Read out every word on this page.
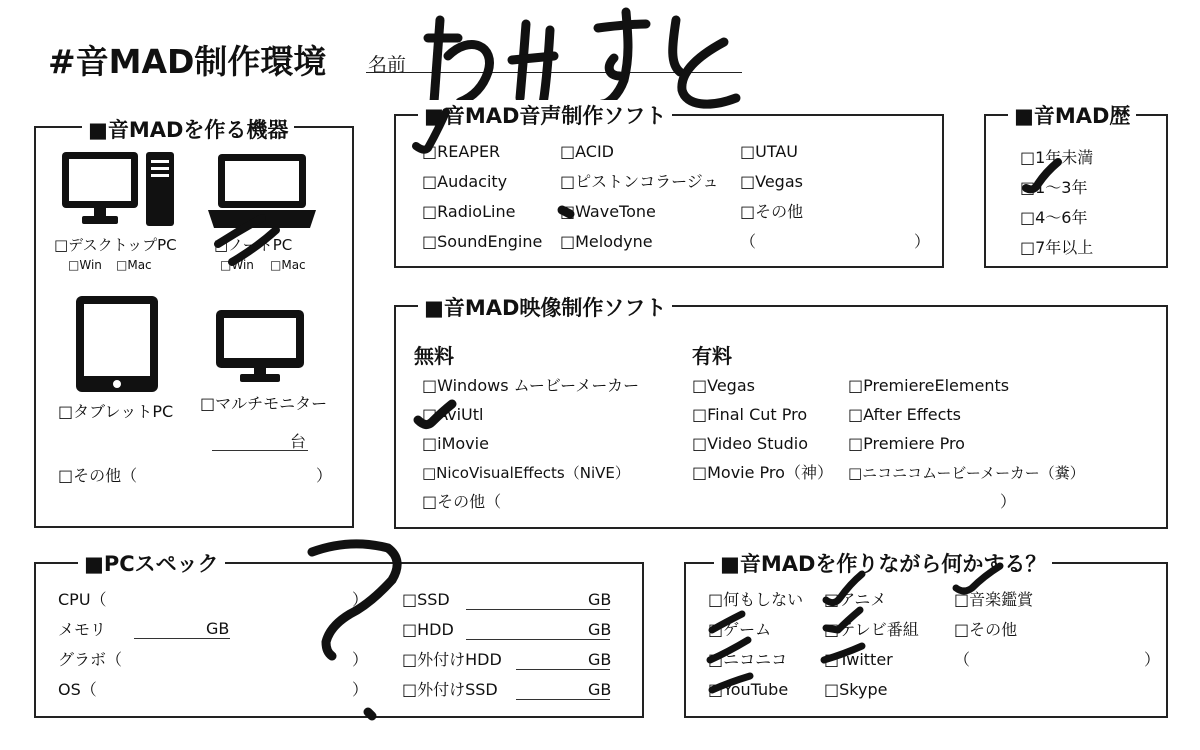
#音MAD制作環境 名前
■音MADを作る機器
□デスクトップPC
□Win □Mac
□ノートPC
□Win □Mac
□タブレットPC □マルチモニター
台
□その他（	）
■音MAD音声制作ソフト
□REAPER
□Audacity
□RadioLine
□SoundEngine
□ACID
□ピストンコラージュ
□WaveTone
□Melodyne
□UTAU
□Vegas
□その他
（	）
■音MAD歴
□1年未満
□1～3年
□4～6年
□7年以上
■音MAD映像制作ソフト
無料	有料
□Windows ムービーメーカー
□AviUtl
□iMovie
□NicoVisualEffects（NiVE）
□その他（	）
□Vegas
□Final Cut Pro
□Video Studio
□Movie Pro（神）
□PremiereElements
□After Effects
□Premiere Pro
□ニコニコムービーメーカー（糞）
■PCスペック
CPU（	）
メモリ	GB
グラボ（	）
OS（	）
□SSD	GB
□HDD	GB
□外付けHDD	GB
□外付けSSD	GB
■音MADを作りながら何かする？
□何もしない
□ゲーム
□ニコニコ
□YouTube
□アニメ
□テレビ番組
□Twitter
□Skype
□音楽鑑賞
□その他
（	）
